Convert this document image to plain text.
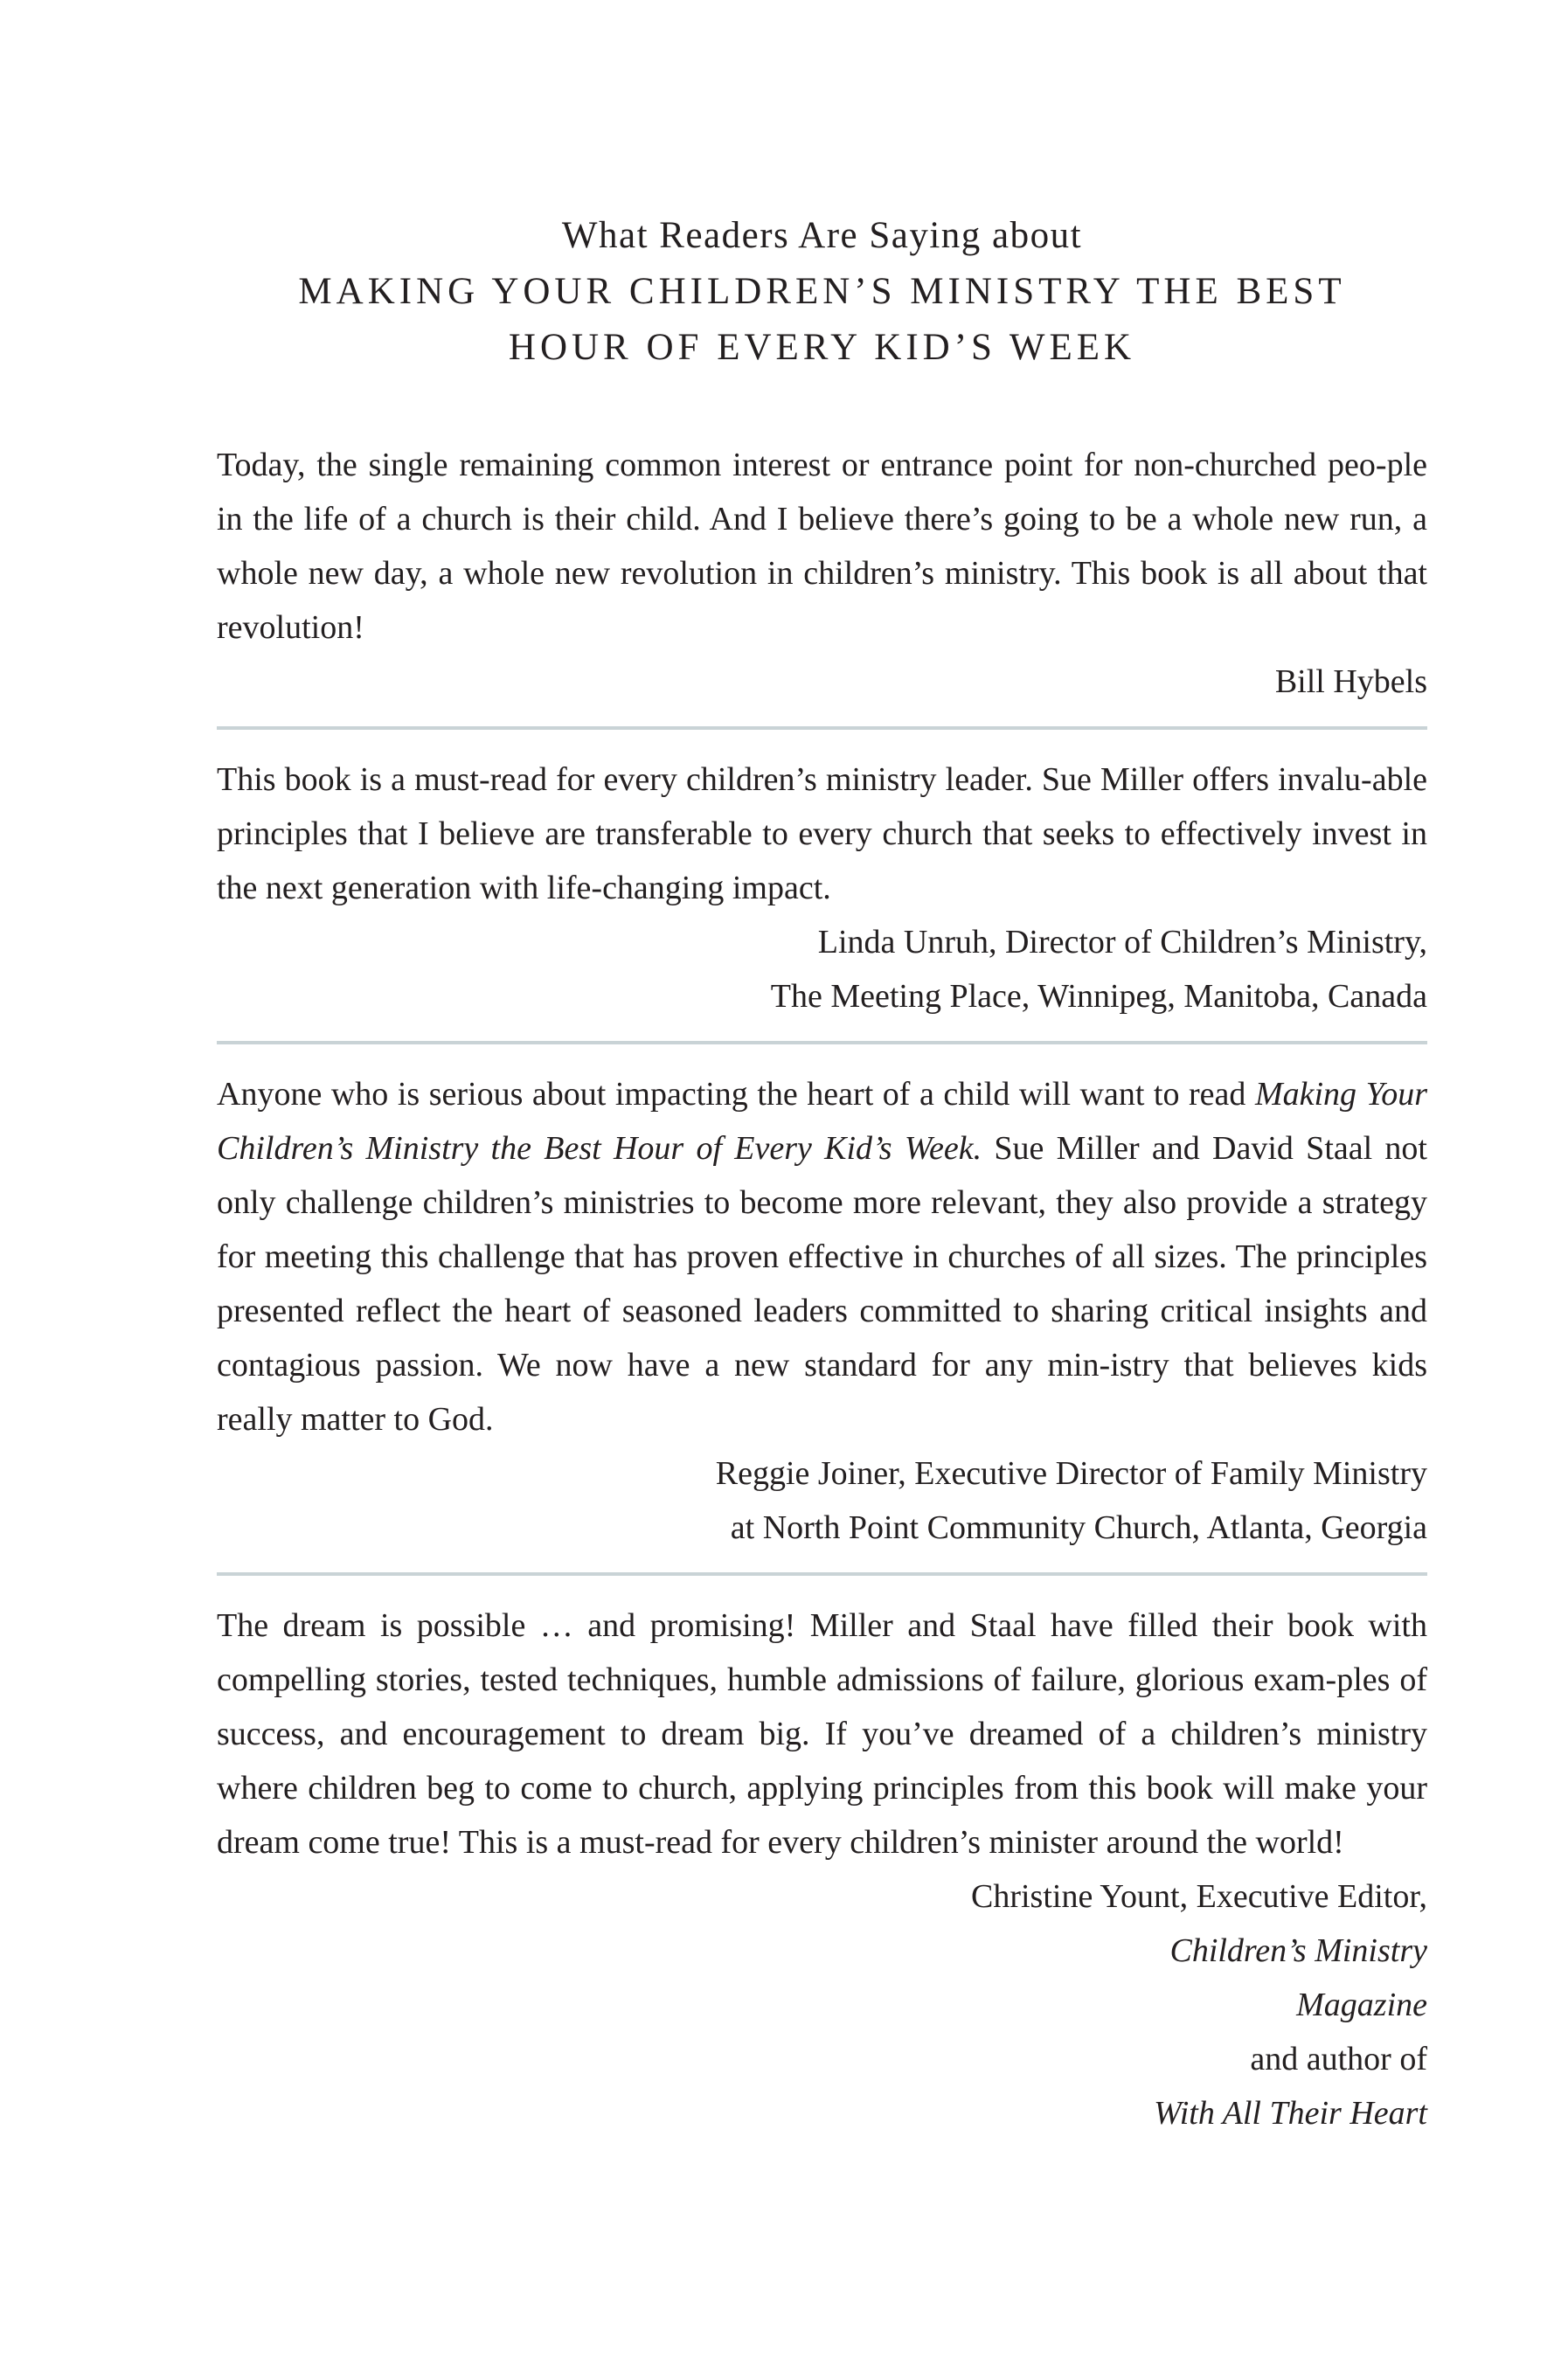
What Readers Are Saying about
MAKING YOUR CHILDREN’S MINISTRY THE BEST
HOUR OF EVERY KID’S WEEK

Today, the single remaining common interest or entrance point for non-churched peo-ple in the life of a church is their child. And I believe there’s going to be a whole new run, a whole new day, a whole new revolution in children’s ministry. This book is all about that revolution!

Bill Hybels

This book is a must-read for every children’s ministry leader. Sue Miller offers invalu-able principles that I believe are transferable to every church that seeks to effectively invest in the next generation with life-changing impact.

Linda Unruh, Director of Children’s Ministry,
The Meeting Place, Winnipeg, Manitoba, Canada

Anyone who is serious about impacting the heart of a child will want to read Making Your Children’s Ministry the Best Hour of Every Kid’s Week. Sue Miller and David Staal not only challenge children’s ministries to become more relevant, they also provide a strategy for meeting this challenge that has proven effective in churches of all sizes. The principles presented reflect the heart of seasoned leaders committed to sharing critical insights and contagious passion. We now have a new standard for any min-istry that believes kids really matter to God.

Reggie Joiner, Executive Director of Family Ministry
at North Point Community Church, Atlanta, Georgia

The dream is possible … and promising! Miller and Staal have filled their book with compelling stories, tested techniques, humble admissions of failure, glorious exam-ples of success, and encouragement to dream big. If you’ve dreamed of a children’s ministry where children beg to come to church, applying principles from this book will make your dream come true! This is a must-read for every children’s minister around the world!

Christine Yount, Executive Editor,
Children’s Ministry
Magazine
and author of
With All Their Heart
